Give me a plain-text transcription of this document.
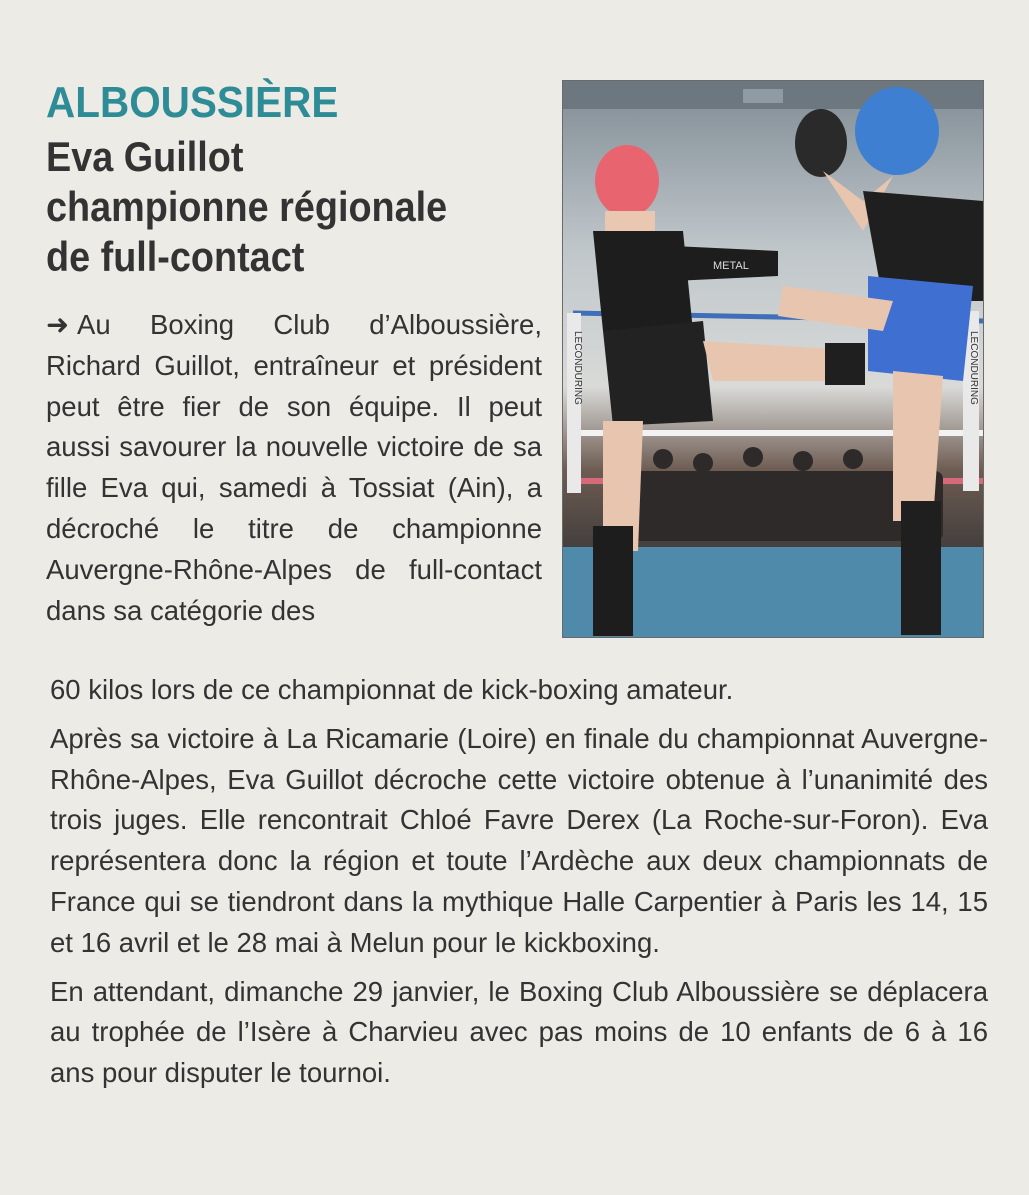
ALBOUSSIÈRE
Eva Guillot
championne régionale
de full-contact
LECONDURING	LECONDURING
METAL

➜ Au Boxing Club d’Alboussière, Richard Guillot, entraîneur et président peut être fier de son équipe. Il peut aussi savourer la nouvelle victoire de sa fille Eva qui, samedi à Tossiat (Ain), a décroché le titre de championne Auvergne-Rhône-Alpes de full-contact dans sa catégorie des

60 kilos lors de ce championnat de kick-boxing amateur.

Après sa victoire à La Ricamarie (Loire) en finale du championnat Auvergne-Rhône-Alpes, Eva Guillot décroche cette victoire obtenue à l’unanimité des trois juges. Elle rencontrait Chloé Favre Derex (La Roche-sur-Foron). Eva représentera donc la région et toute l’Ardèche aux deux championnats de France qui se tiendront dans la mythique Halle Carpentier à Paris les 14, 15 et 16 avril et le 28 mai à Melun pour le kickboxing.

En attendant, dimanche 29 janvier, le Boxing Club Alboussière se déplacera au trophée de l’Isère à Charvieu avec pas moins de 10 enfants de 6 à 16 ans pour disputer le tournoi.
